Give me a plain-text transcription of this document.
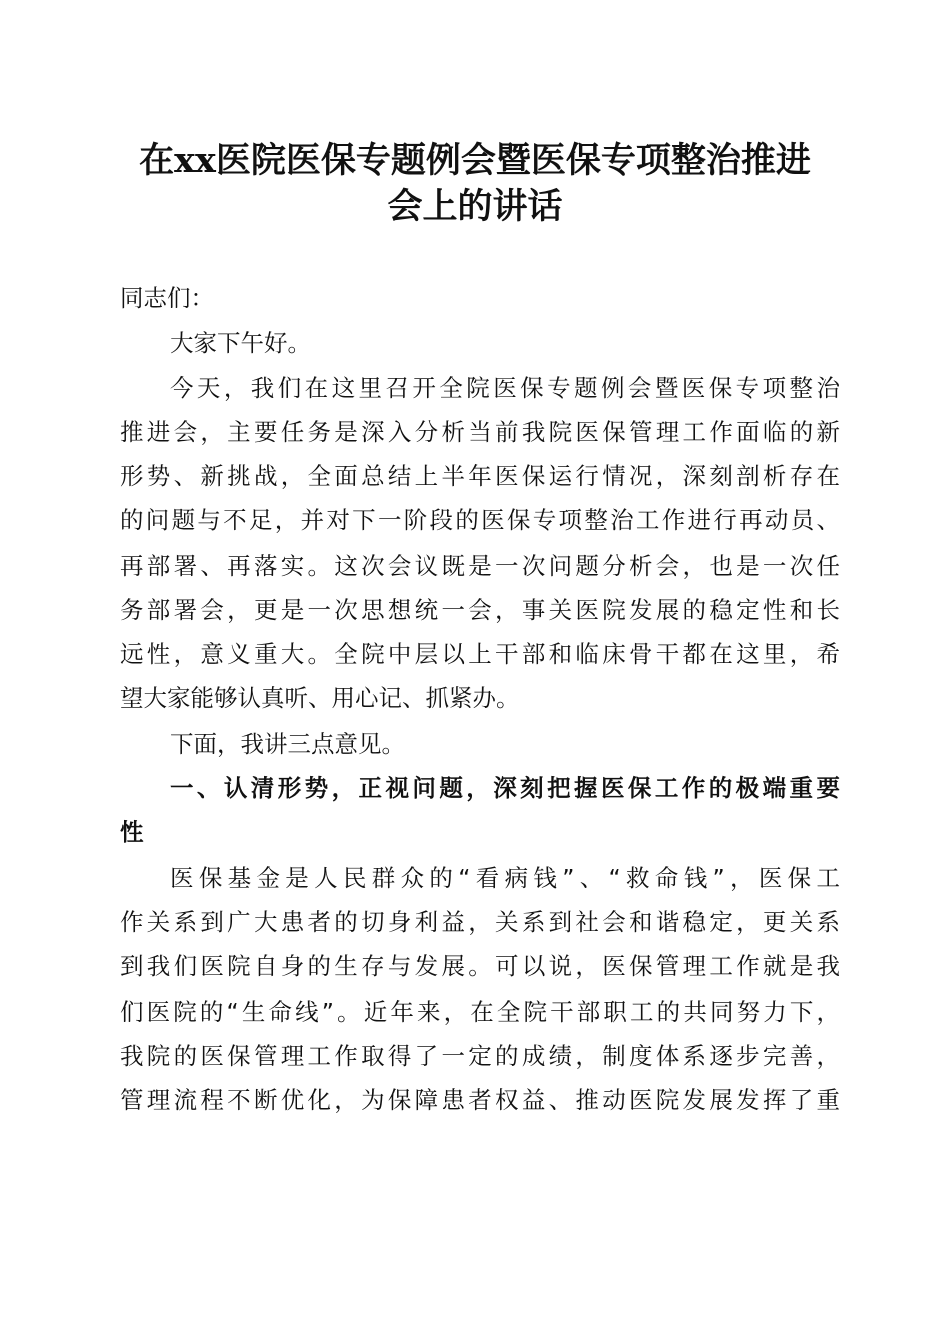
在xx医院医保专题例会暨医保专项整治推进
会上的讲话

同志们：

大家下午好。

今天，我们在这里召开全院医保专题例会暨医保专项整治

推进会，主要任务是深入分析当前我院医保管理工作面临的新

形势、新挑战，全面总结上半年医保运行情况，深刻剖析存在

的问题与不足，并对下一阶段的医保专项整治工作进行再动员、

再部署、再落实。这次会议既是一次问题分析会，也是一次任

务部署会，更是一次思想统一会，事关医院发展的稳定性和长

远性，意义重大。全院中层以上干部和临床骨干都在这里，希

望大家能够认真听、用心记、抓紧办。

下面，我讲三点意见。

一、认清形势，正视问题，深刻把握医保工作的极端重要

性

医保基金是人民群众的“看病钱”、“救命钱”，医保工

作关系到广大患者的切身利益，关系到社会和谐稳定，更关系

到我们医院自身的生存与发展。可以说，医保管理工作就是我

们医院的“生命线”。近年来，在全院干部职工的共同努力下，

我院的医保管理工作取得了一定的成绩，制度体系逐步完善，

管理流程不断优化，为保障患者权益、推动医院发展发挥了重
